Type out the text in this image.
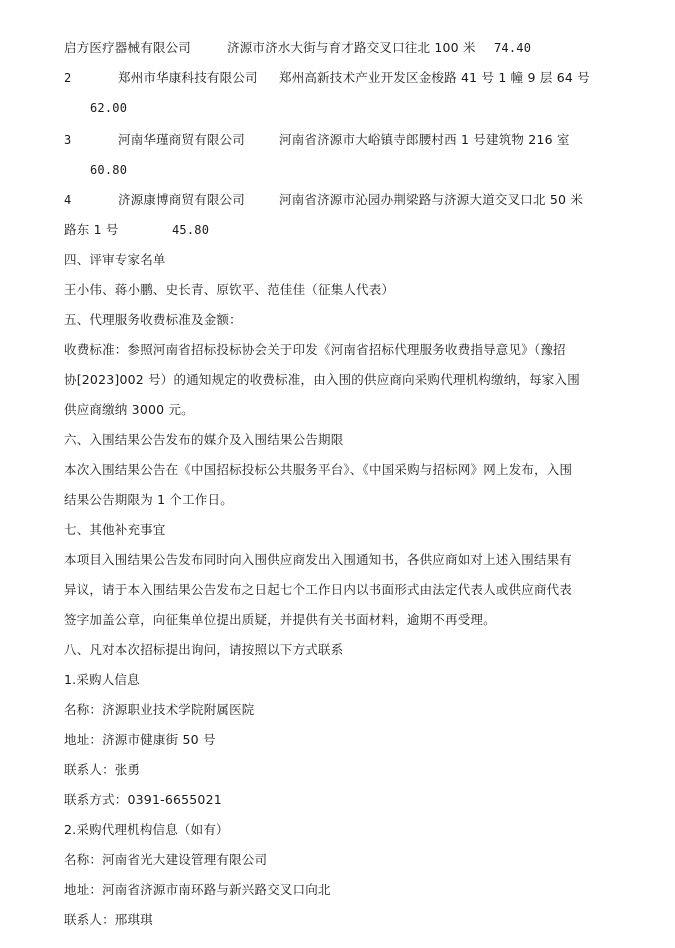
启方医疗器械有限公司	济源市济水大街与育才路交叉口往北 100 米 74.40
2	郑州市华康科技有限公司 郑州高新技术产业开发区金梭路 41 号 1 幢 9 层 64 号
62.00
3	河南华瑾商贸有限公司	河南省济源市大峪镇寺郎腰村西 1 号建筑物 216 室
60.80
4	济源康博商贸有限公司	河南省济源市沁园办荆梁路与济源大道交叉口北 50 米
路东 1 号	45.80
四、评审专家名单
王小伟、蒋小鹏、史长青、原钦平、范佳佳（征集人代表）
五、代理服务收费标准及金额：
收费标准：参照河南省招标投标协会关于印发《河南省招标代理服务收费指导意见》（豫招
协[2023]002 号）的通知规定的收费标准，由入围的供应商向采购代理机构缴纳，每家入围
供应商缴纳 3000 元。
六、入围结果公告发布的媒介及入围结果公告期限
本次入围结果公告在《中国招标投标公共服务平台》、《中国采购与招标网》网上发布，入围
结果公告期限为 1 个工作日。
七、其他补充事宜
本项目入围结果公告发布同时向入围供应商发出入围通知书，各供应商如对上述入围结果有
异议，请于本入围结果公告发布之日起七个工作日内以书面形式由法定代表人或供应商代表
签字加盖公章，向征集单位提出质疑，并提供有关书面材料，逾期不再受理。
八、凡对本次招标提出询问，请按照以下方式联系
1.采购人信息
名称：济源职业技术学院附属医院
地址：济源市健康街 50 号
联系人：张勇
联系方式：0391-6655021
2.采购代理机构信息（如有）
名称：河南省光大建设管理有限公司
地址：河南省济源市南环路与新兴路交叉口向北
联系人：邢琪琪
